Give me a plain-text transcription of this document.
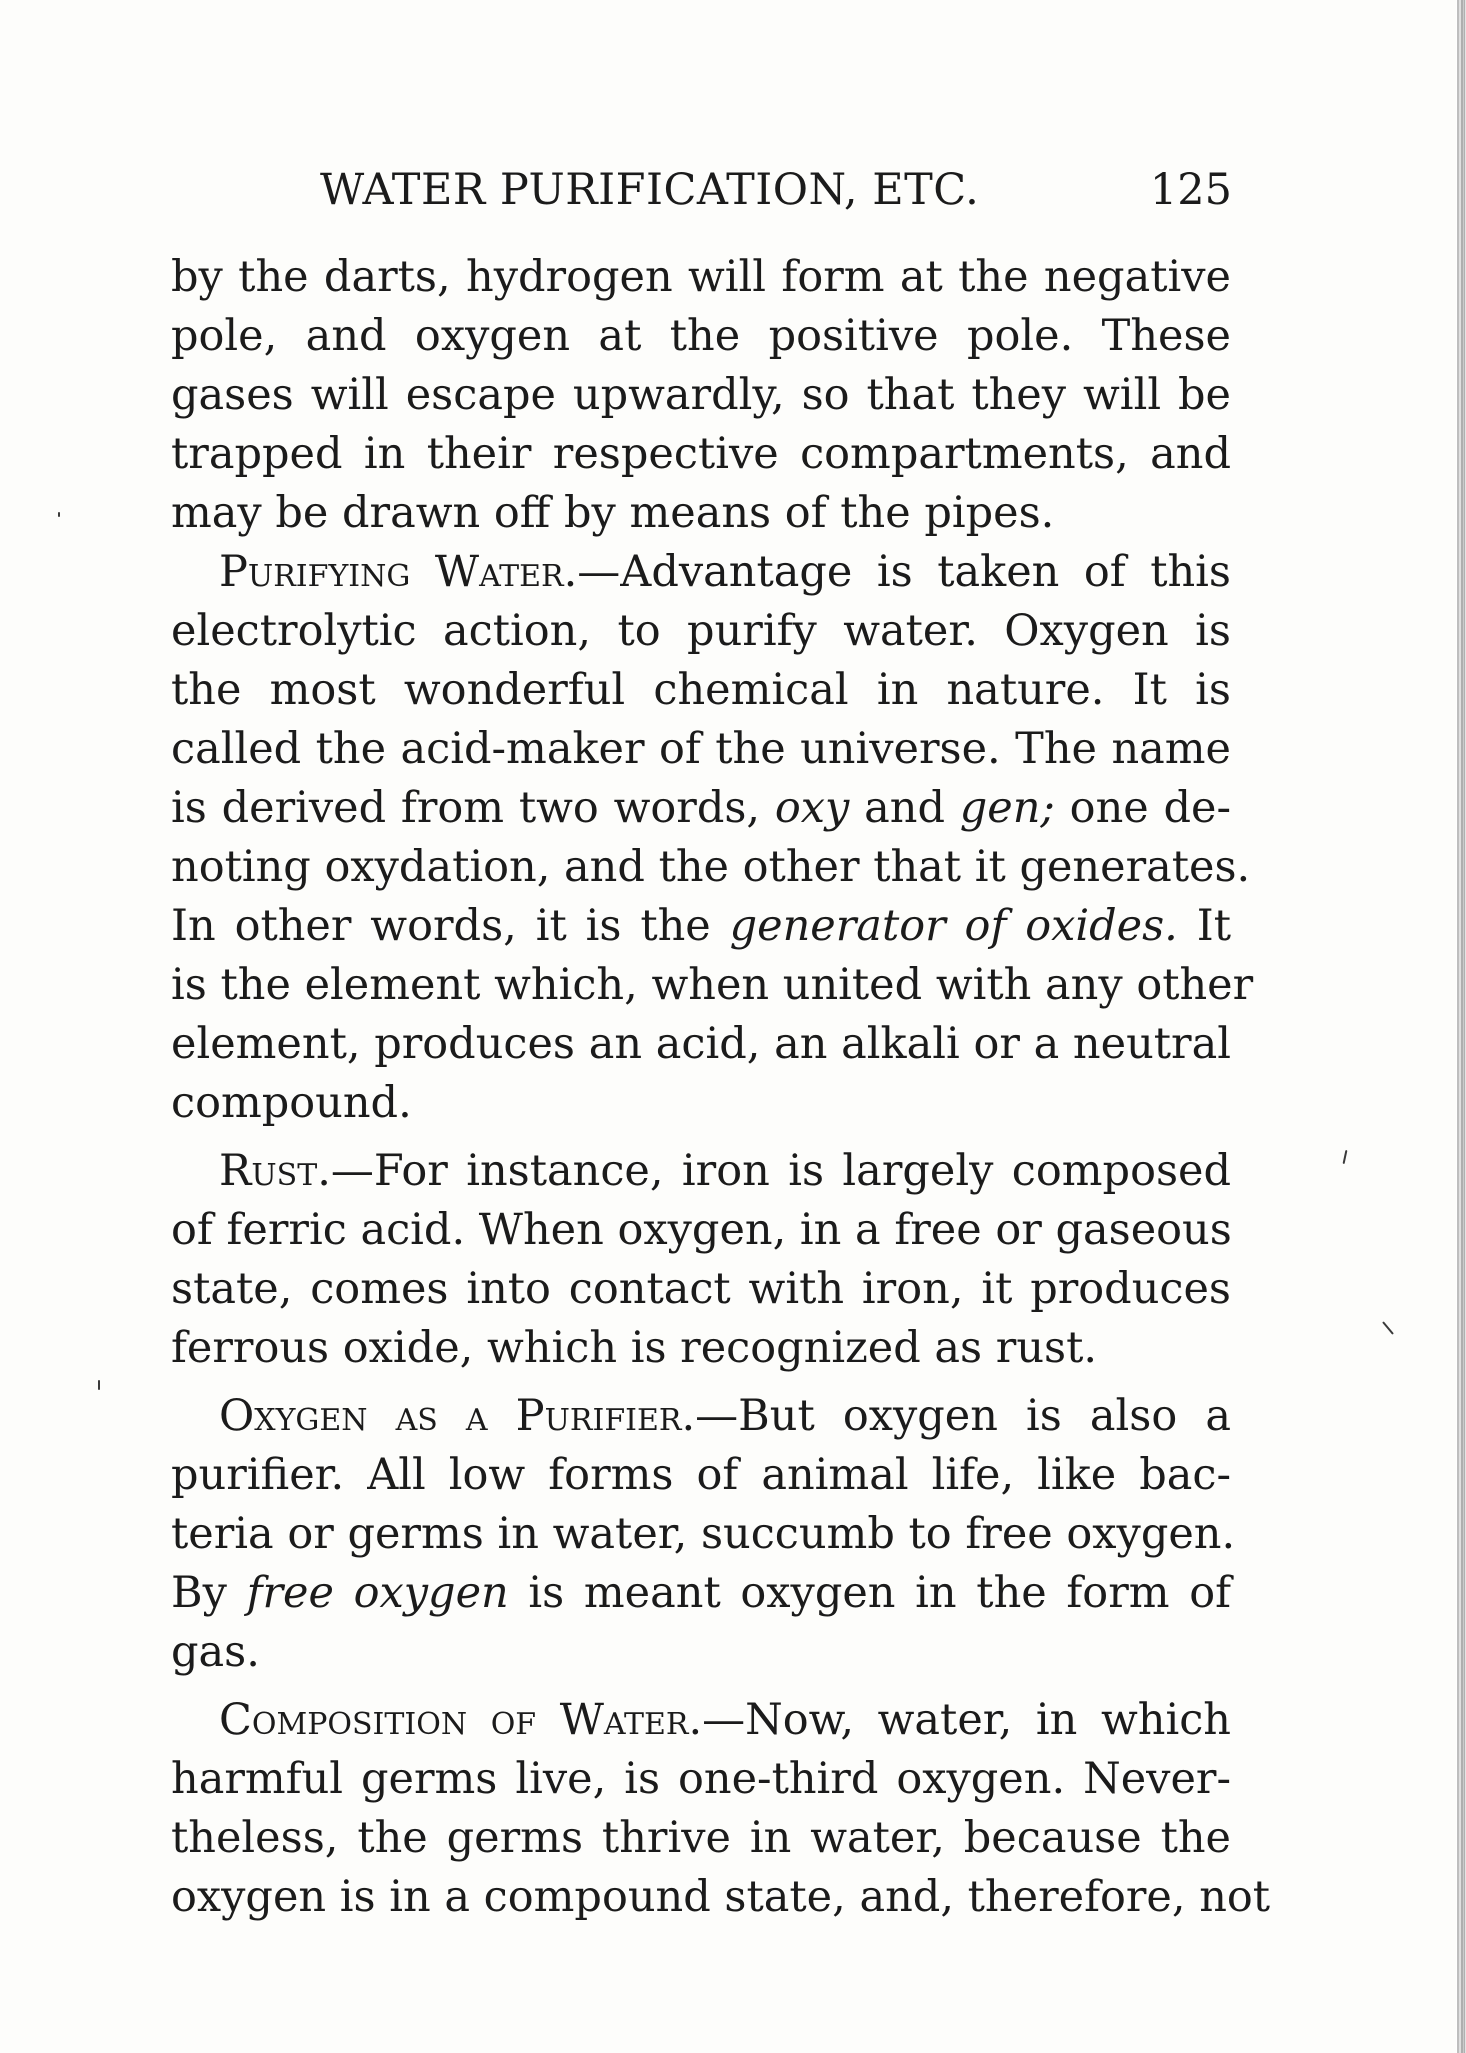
WATER PURIFICATION, ETC.	125
by the darts, hydrogen will form at the negative
pole, and oxygen at the positive pole. These
gases will escape upwardly, so that they will be
trapped in their respective compartments, and
may be drawn off by means of the pipes.
Purifying Water.—Advantage is taken of this
electrolytic action, to purify water. Oxygen is
the most wonderful chemical in nature. It is
called the acid-maker of the universe. The name
is derived from two words, oxy and gen; one de-
noting oxydation, and the other that it generates.
In other words, it is the generator of oxides. It
is the element which, when united with any other
element, produces an acid, an alkali or a neutral
compound.
Rust.—For instance, iron is largely composed
of ferric acid. When oxygen, in a free or gaseous
state, comes into contact with iron, it produces
ferrous oxide, which is recognized as rust.
Oxygen as a Purifier.—But oxygen is also a
purifier. All low forms of animal life, like bac-
teria or germs in water, succumb to free oxygen.
By free oxygen is meant oxygen in the form of
gas.
Composition of Water.—Now, water, in which
harmful germs live, is one-third oxygen. Never-
theless, the germs thrive in water, because the
oxygen is in a compound state, and, therefore, not
